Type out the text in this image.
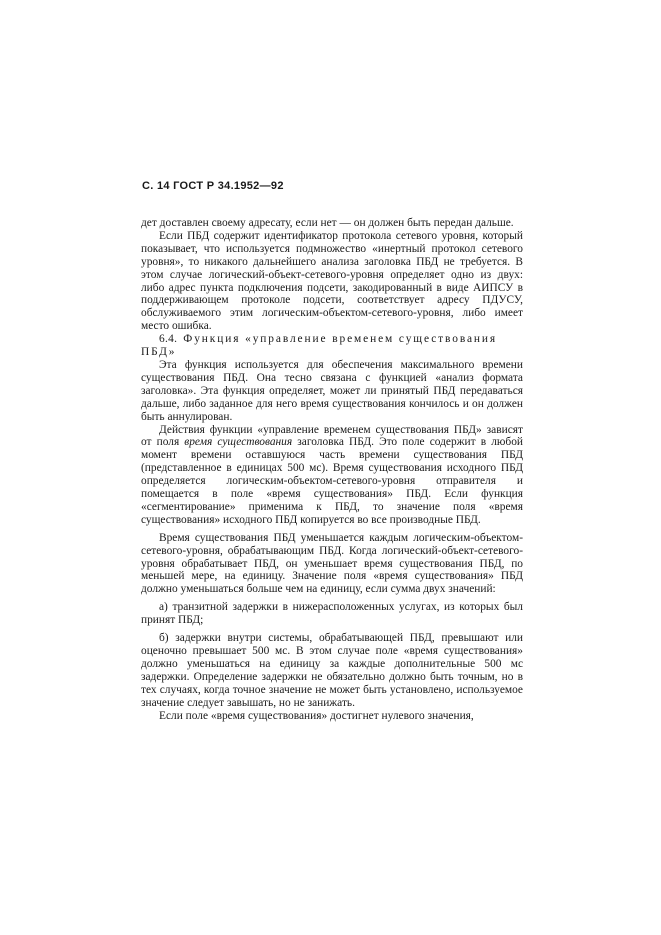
С. 14 ГОСТ Р 34.1952—92

дет доставлен своему адресату, если нет — он должен быть передан дальше.

Если ПБД содержит идентификатор протокола сетевого уровня, который показывает, что используется подмножество «инертный протокол сетевого уровня», то никакого дальнейшего анализа заголовка ПБД не требуется. В этом случае логический-объект-сетевого-уровня определяет одно из двух: либо адрес пункта подключения подсети, закодированный в виде АИПСУ в поддерживающем протоколе подсети, соответствует адресу ПДУСУ, обслуживаемого этим логическим-объектом-сетевого-уровня, либо имеет место ошибка.

6.4. Функция «управление временем существования ПБД»

Эта функция используется для обеспечения максимального времени существования ПБД. Она тесно связана с функцией «анализ формата заголовка». Эта функция определяет, может ли принятый ПБД передаваться дальше, либо заданное для него время существования кончилось и он должен быть аннулирован.

Действия функции «управление временем существования ПБД» зависят от поля время существования заголовка ПБД. Это поле содержит в любой момент времени оставшуюся часть времени существования ПБД (представленное в единицах 500 мс). Время существования исходного ПБД определяется логическим-объектом-сетевого-уровня отправителя и помещается в поле «время существования» ПБД. Если функция «сегментирование» применима к ПБД, то значение поля «время существования» исходного ПБД копируется во все производные ПБД.

Время существования ПБД уменьшается каждым логическим-объектом-сетевого-уровня, обрабатывающим ПБД. Когда логический-объект-сетевого-уровня обрабатывает ПБД, он уменьшает время существования ПБД, по меньшей мере, на единицу. Значение поля «время существования» ПБД должно уменьшаться больше чем на единицу, если сумма двух значений:

а) транзитной задержки в нижерасположенных услугах, из которых был принят ПБД;

б) задержки внутри системы, обрабатывающей ПБД, превышают или оценочно превышает 500 мс. В этом случае поле «время существования» должно уменьшаться на единицу за каждые дополнительные 500 мс задержки. Определение задержки не обязательно должно быть точным, но в тех случаях, когда точное значение не может быть установлено, используемое значение следует завышать, но не занижать.

Если поле «время существования» достигнет нулевого значения,
